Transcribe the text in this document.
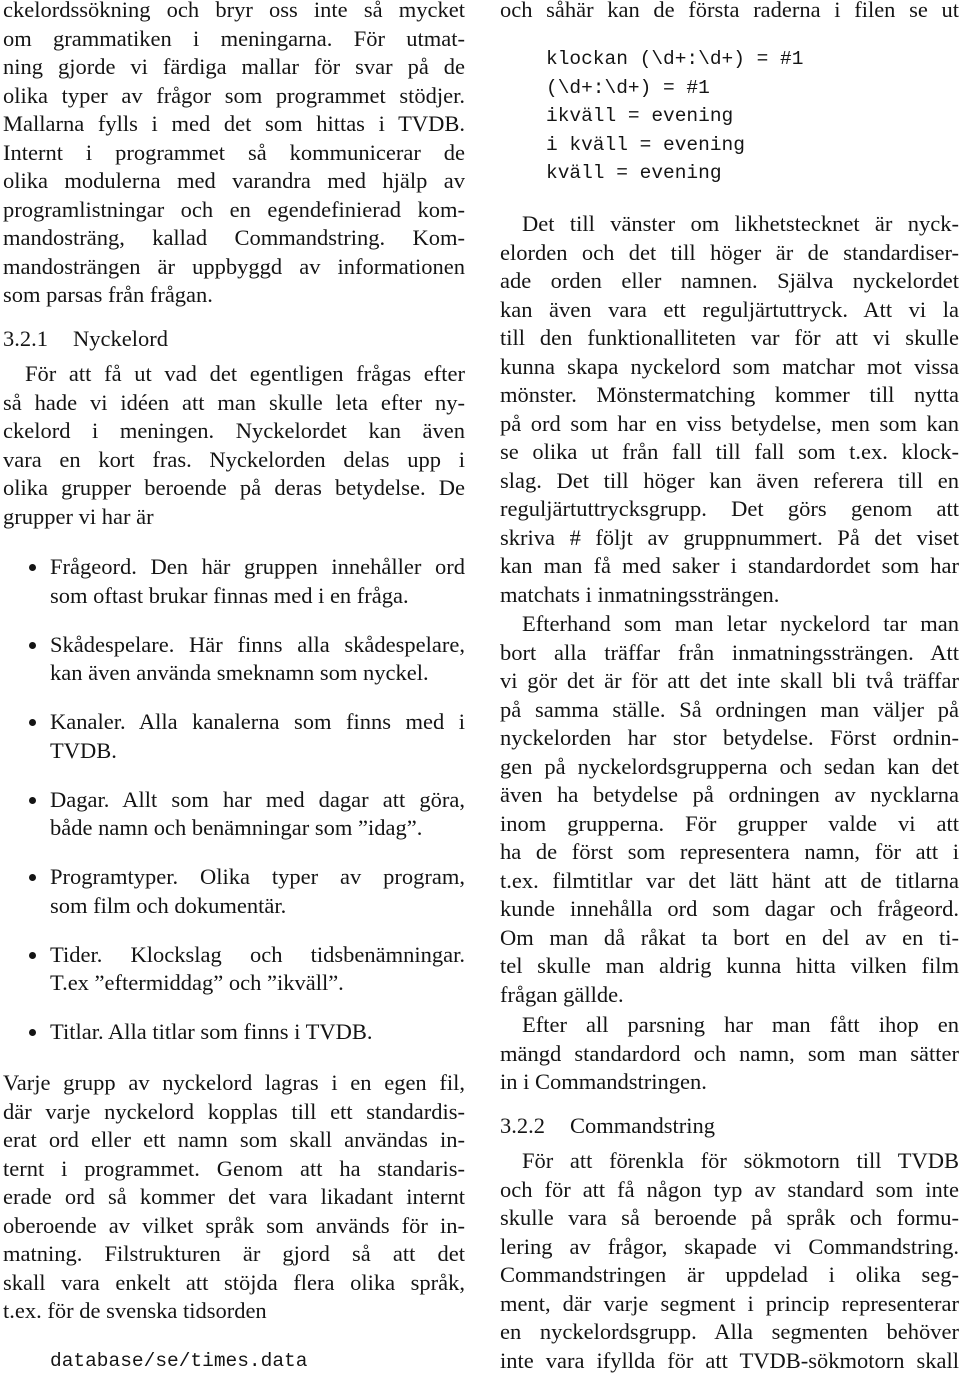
ckelordssökning och bryr oss inte så mycket
om grammatiken i meningarna. För utmat-
ning gjorde vi färdiga mallar för svar på de
olika typer av frågor som programmet stödjer.
Mallarna fylls i med det som hittas i TVDB.
Internt i programmet så kommunicerar de
olika modulerna med varandra med hjälp av
programlistningar och en egendefinierad kom-
mandosträng, kallad Commandstring. Kom-
mandosträngen är uppbyggd av informationen
som parsas från frågan.
3.2.1	Nyckelord
För att få ut vad det egentligen frågas efter
så hade vi idéen att man skulle leta efter ny-
ckelord i meningen. Nyckelordet kan även
vara en kort fras. Nyckelorden delas upp i
olika grupper beroende på deras betydelse. De
grupper vi har är
Frågeord. Den här gruppen innehåller ord
som oftast brukar finnas med i en fråga.
Skådespelare. Här finns alla skådespelare,
kan även använda smeknamn som nyckel.
Kanaler. Alla kanalerna som finns med i
TVDB.
Dagar. Allt som har med dagar att göra,
både namn och benämningar som ”idag”.
Programtyper. Olika typer av program,
som film och dokumentär.
Tider. Klockslag och tidsbenämningar.
T.ex ”eftermiddag” och ”ikväll”.
Titlar. Alla titlar som finns i TVDB.
Varje grupp av nyckelord lagras i en egen fil,
där varje nyckelord kopplas till ett standardis-
erat ord eller ett namn som skall användas in-
ternt i programmet. Genom att ha standaris-
erade ord så kommer det vara likadant internt
oberoende av vilket språk som används för in-
matning. Filstrukturen är gjord så att det
skall vara enkelt att stöjda flera olika språk,
t.ex. för de svenska tidsorden
database/se/times.data
och såhär kan de första raderna i filen se ut
klockan (\d+:\d+) = #1
(\d+:\d+) = #1
ikväll = evening
i kväll = evening
kväll = evening
Det till vänster om likhetstecknet är nyck-
elorden och det till höger är de standardiser-
ade orden eller namnen. Själva nyckelordet
kan även vara ett reguljärtuttryck. Att vi la
till den funktionalliteten var för att vi skulle
kunna skapa nyckelord som matchar mot vissa
mönster. Mönstermatching kommer till nytta
på ord som har en viss betydelse, men som kan
se olika ut från fall till fall som t.ex. klock-
slag. Det till höger kan även referera till en
reguljärtuttrycksgrupp. Det görs genom att
skriva # följt av gruppnummert. På det viset
kan man få med saker i standardordet som har
matchats i inmatningssträngen.
Efterhand som man letar nyckelord tar man
bort alla träffar från inmatningssträngen. Att
vi gör det är för att det inte skall bli två träffar
på samma ställe. Så ordningen man väljer på
nyckelorden har stor betydelse. Först ordnin-
gen på nyckelordsgrupperna och sedan kan det
även ha betydelse på ordningen av nycklarna
inom grupperna. För grupper valde vi att
ha de först som representera namn, för att i
t.ex. filmtitlar var det lätt hänt att de titlarna
kunde innehålla ord som dagar och frågeord.
Om man då råkat ta bort en del av en ti-
tel skulle man aldrig kunna hitta vilken film
frågan gällde.
Efter all parsning har man fått ihop en
mängd standardord och namn, som man sätter
in i Commandstringen.
3.2.2	Commandstring
För att förenkla för sökmotorn till TVDB
och för att få någon typ av standard som inte
skulle vara så beroende på språk och formu-
lering av frågor, skapade vi Commandstring.
Commandstringen är uppdelad i olika seg-
ment, där varje segment i princip representerar
en nyckelordsgrupp. Alla segmenten behöver
inte vara ifyllda för att TVDB-sökmotorn skall
